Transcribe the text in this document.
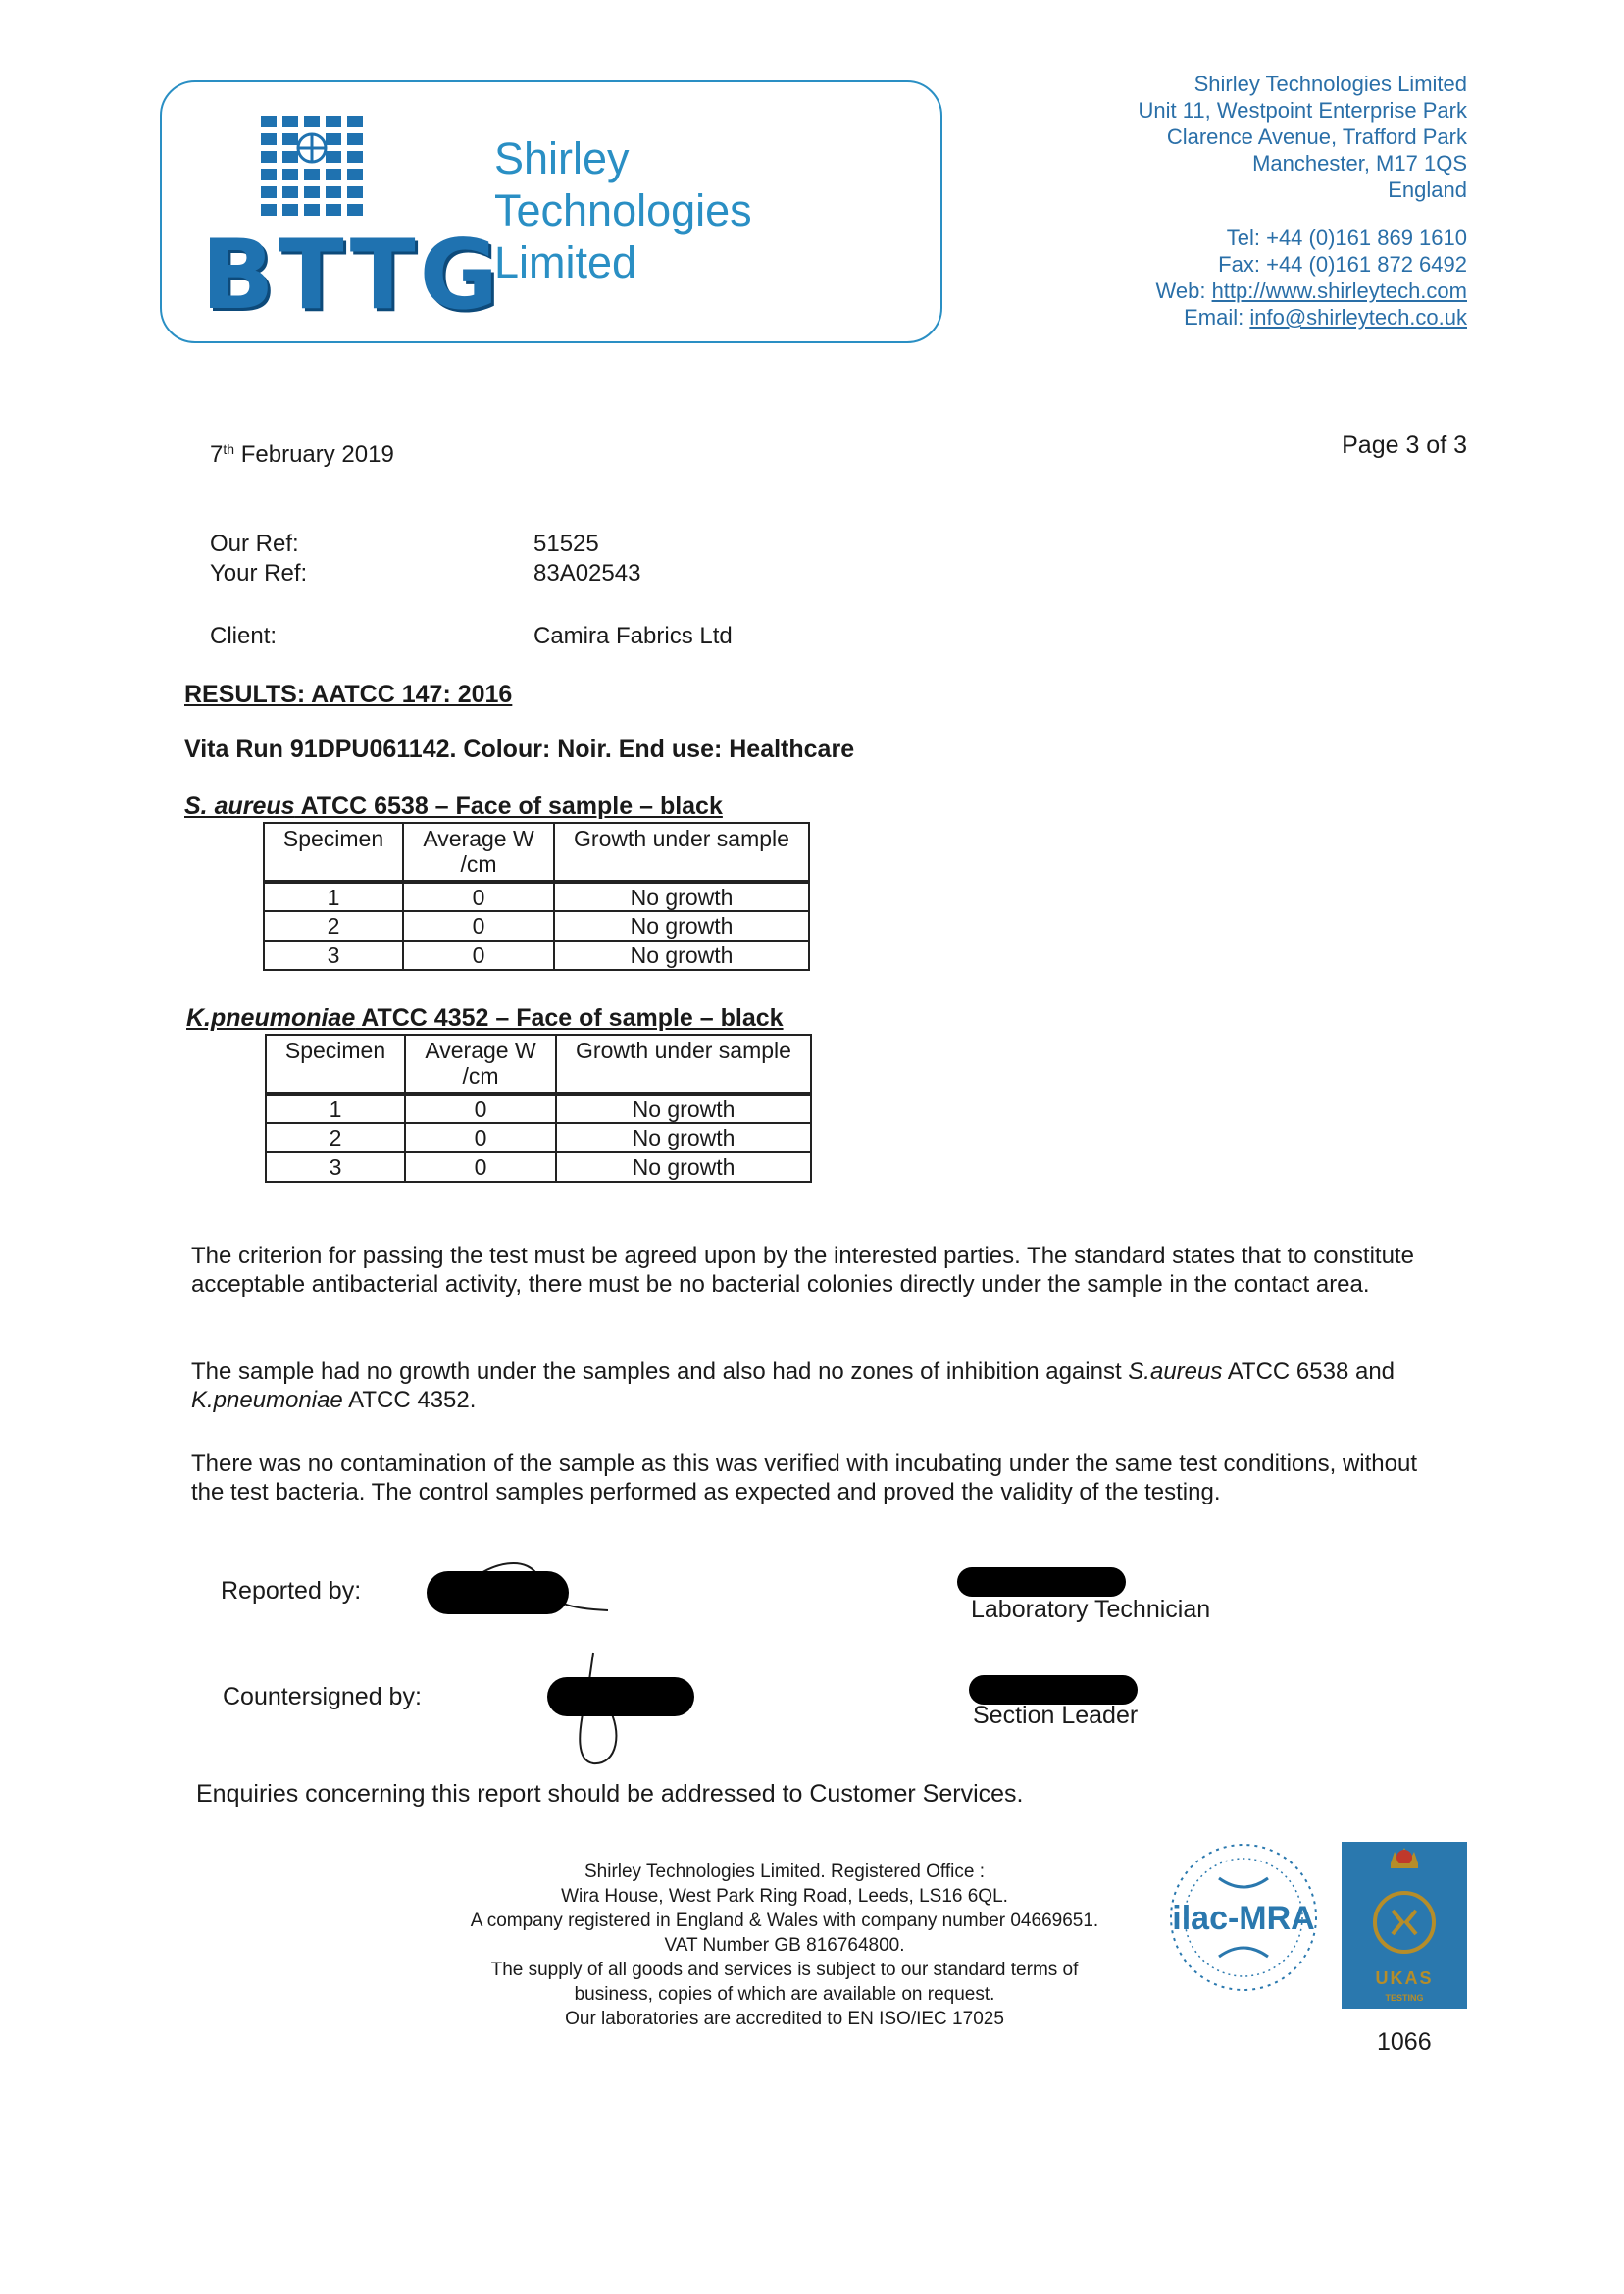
BTTG
Shirley
Technologies
Limited
Shirley Technologies Limited
Unit 11, Westpoint Enterprise Park
Clarence Avenue, Trafford Park
Manchester, M17 1QS
England
Tel: +44 (0)161 869 1610
Fax: +44 (0)161 872 6492
Web: http://www.shirleytech.com
Email: info@shirleytech.co.uk
7th February 2019	Page 3 of 3
Our Ref:	51525
Your Ref:	83A02543
Client:	Camira Fabrics Ltd
RESULTS: AATCC 147: 2016
Vita Run 91DPU061142. Colour: Noir. End use: Healthcare
S. aureus ATCC 6538 – Face of sample – black
Specimen	Average W /cm	Growth under sample
1	0	No growth
2	0	No growth
3	0	No growth
K.pneumoniae ATCC 4352 – Face of sample – black
Specimen	Average W /cm	Growth under sample
1	0	No growth
2	0	No growth
3	0	No growth
The criterion for passing the test must be agreed upon by the interested parties. The standard states that to constitute acceptable antibacterial activity, there must be no bacterial colonies directly under the sample in the contact area.
The sample had no growth under the samples and also had no zones of inhibition against S.aureus ATCC 6538 and K.pneumoniae ATCC 4352.
There was no contamination of the sample as this was verified with incubating under the same test conditions, without the test bacteria. The control samples performed as expected and proved the validity of the testing.
Reported by:
Laboratory Technician
Countersigned by:
Section Leader
Enquiries concerning this report should be addressed to Customer Services.
Shirley Technologies Limited. Registered Office :
Wira House, West Park Ring Road, Leeds, LS16 6QL.
A company registered in England & Wales with company number 04669651.
VAT Number GB 816764800.
The supply of all goods and services is subject to our standard terms of
business, copies of which are available on request.
Our laboratories are accredited to EN ISO/IEC 17025
ilac-MRA
UKAS
TESTING
1066
